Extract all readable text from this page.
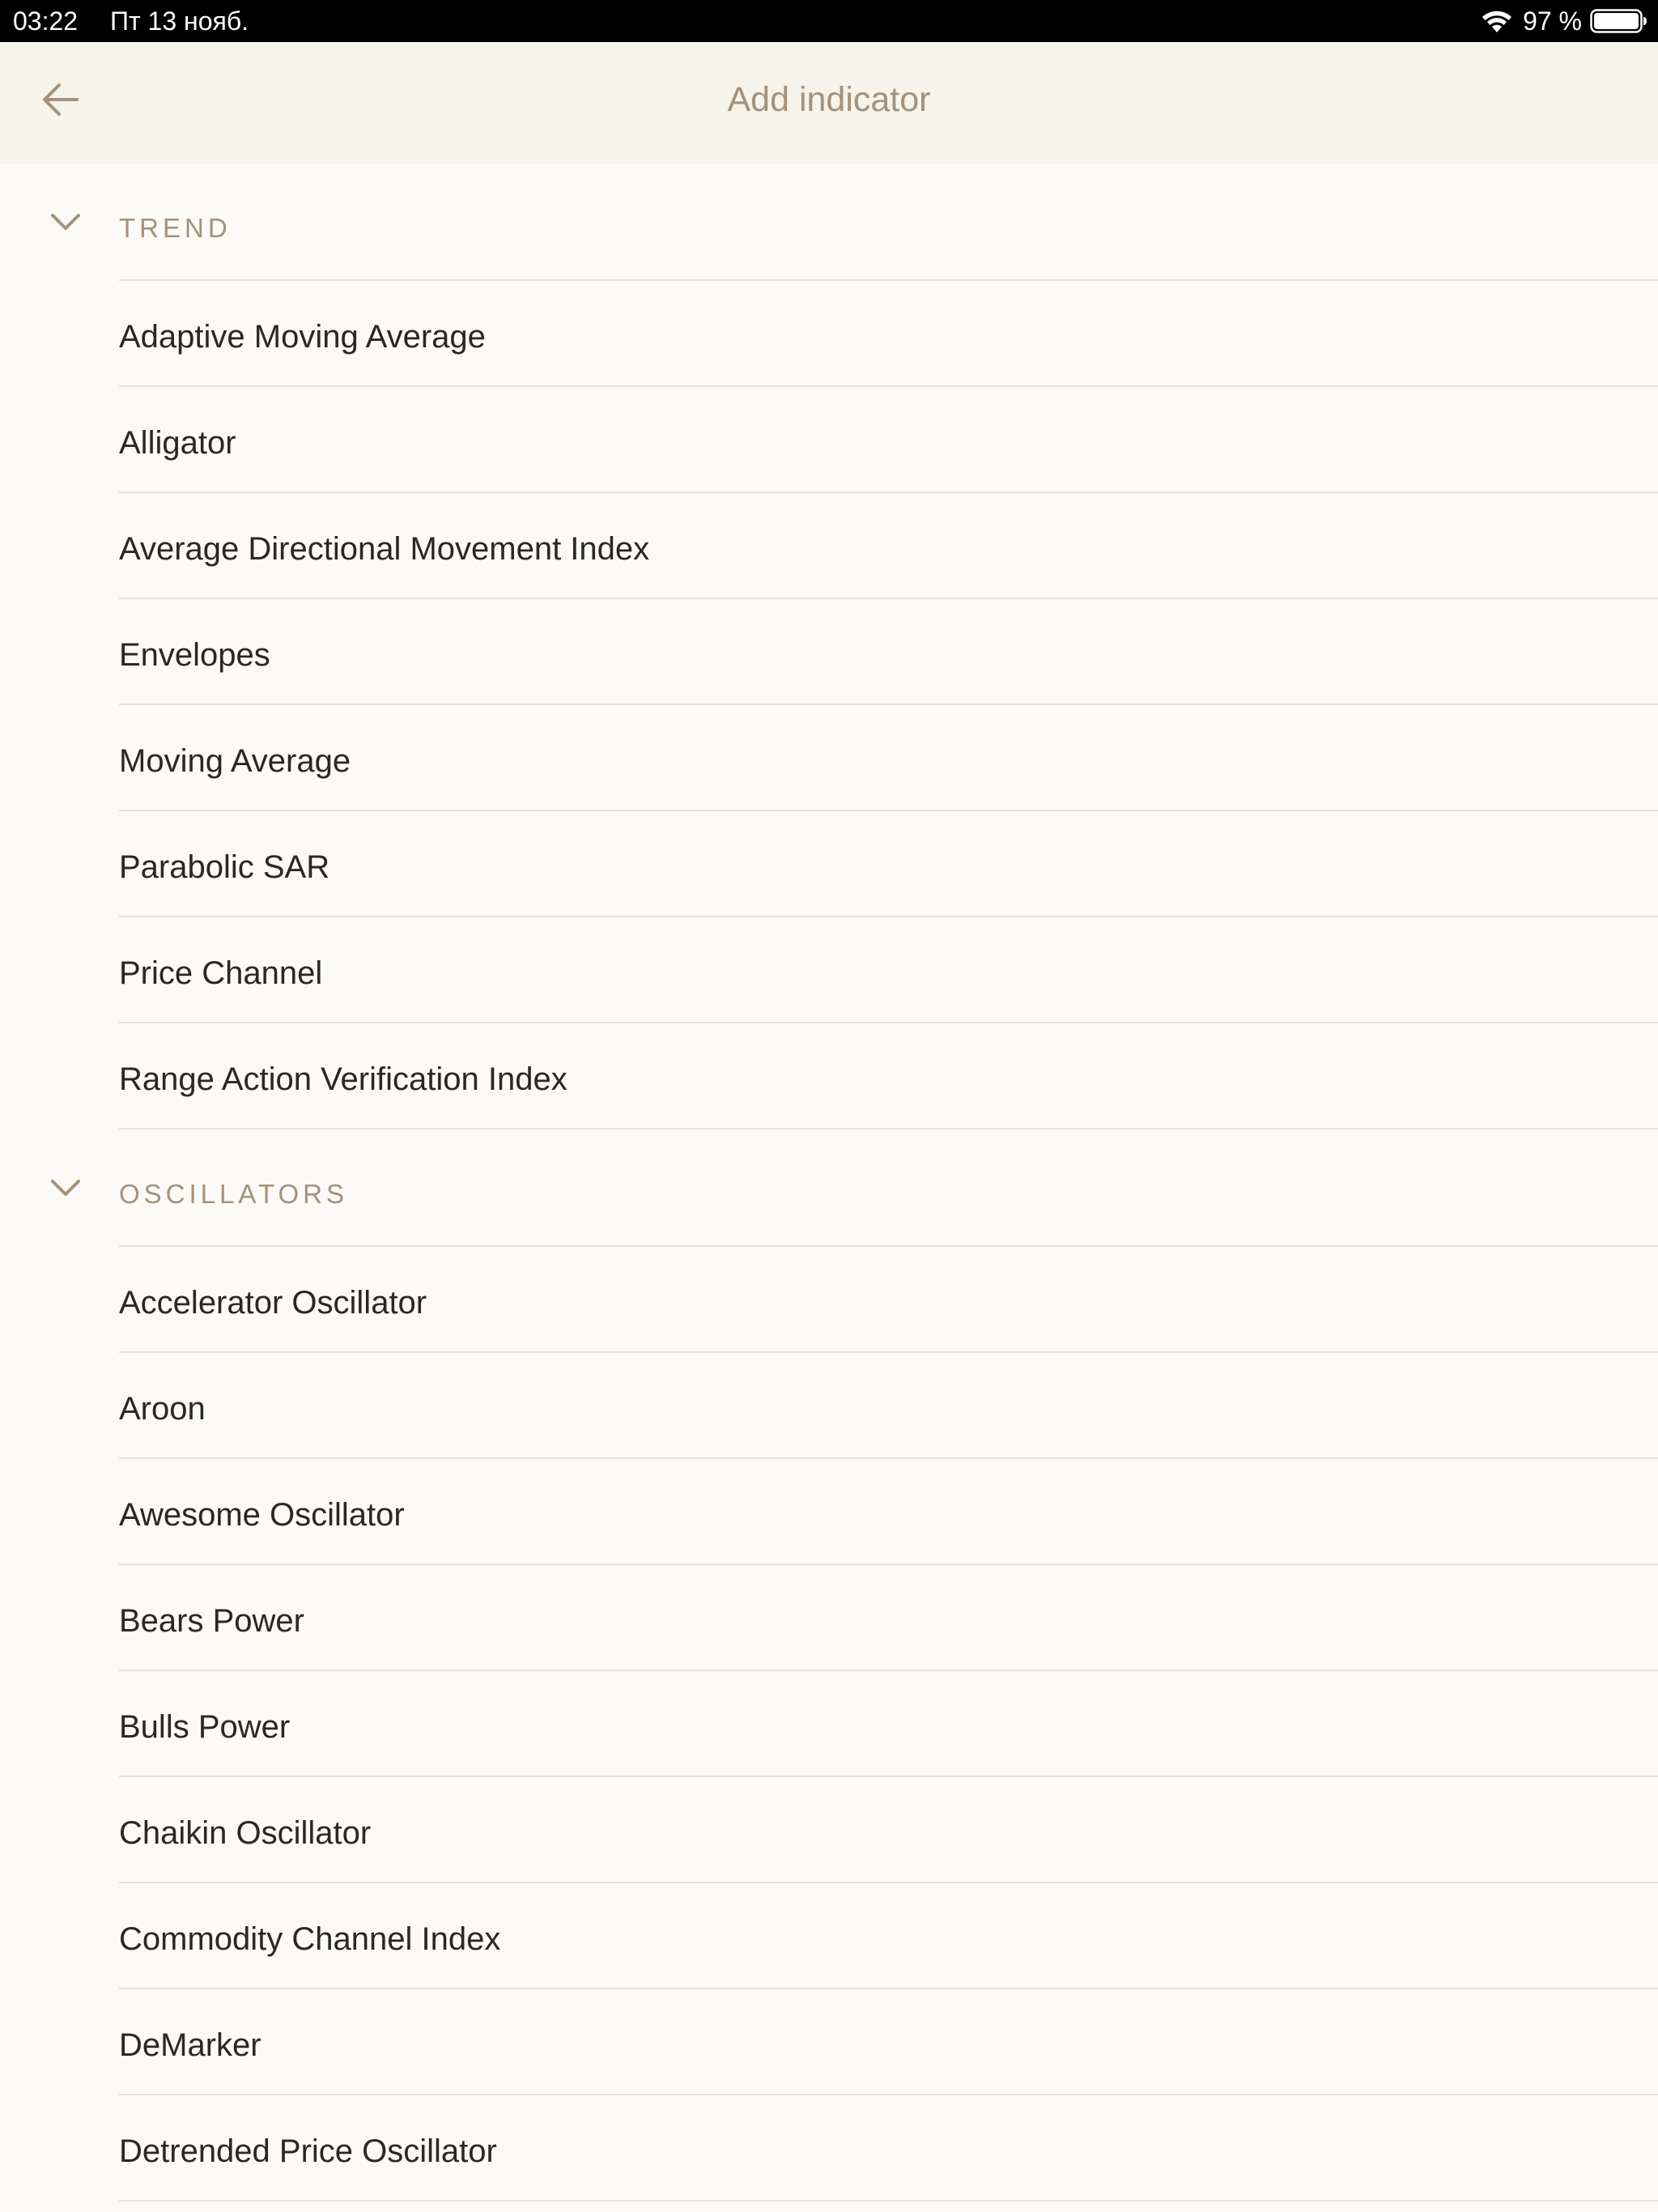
03:22 Пт 13 нояб.	97 %
Add indicator
TREND
Adaptive Moving Average
Alligator
Average Directional Movement Index
Envelopes
Moving Average
Parabolic SAR
Price Channel
Range Action Verification Index
OSCILLATORS
Accelerator Oscillator
Aroon
Awesome Oscillator
Bears Power
Bulls Power
Chaikin Oscillator
Commodity Channel Index
DeMarker
Detrended Price Oscillator
